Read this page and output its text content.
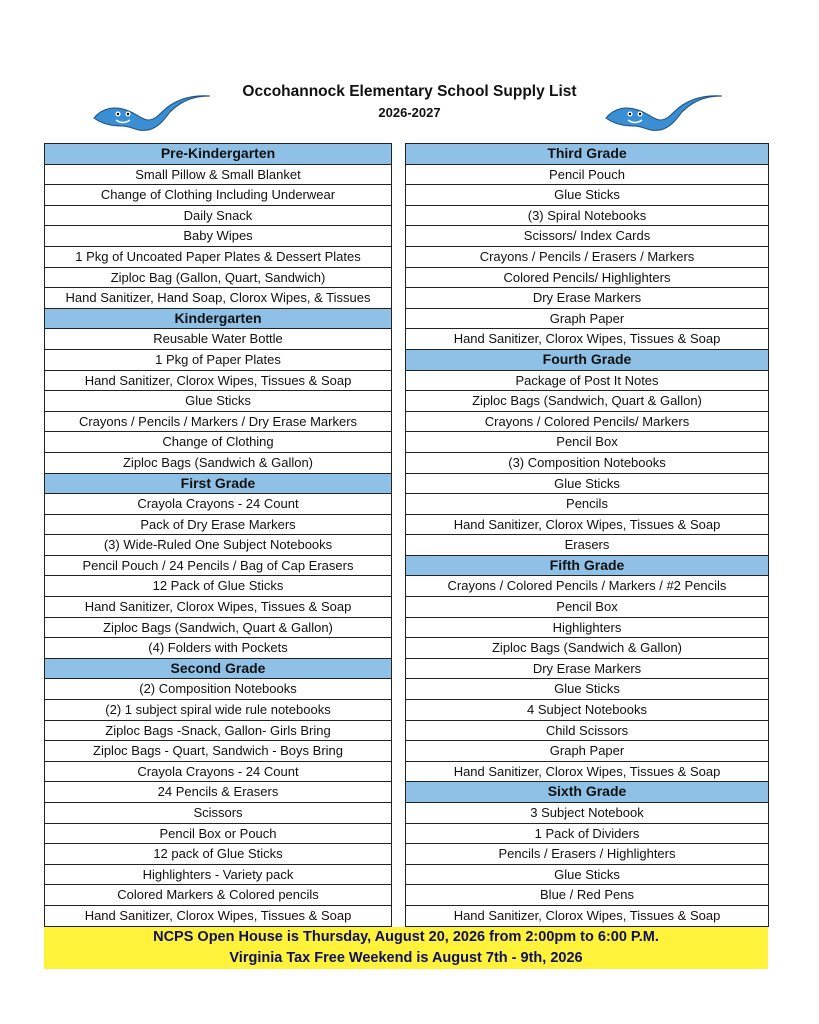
Occohannock Elementary School Supply List
2026-2027
Pre-Kindergarten
Small Pillow & Small Blanket
Change of Clothing Including Underwear
Daily Snack
Baby Wipes
1 Pkg of Uncoated Paper Plates & Dessert Plates
Ziploc Bag (Gallon, Quart, Sandwich)
Hand Sanitizer, Hand Soap, Clorox Wipes, & Tissues
Kindergarten
Reusable Water Bottle
1 Pkg of Paper Plates
Hand Sanitizer, Clorox Wipes, Tissues & Soap
Glue Sticks
Crayons / Pencils / Markers / Dry Erase Markers
Change of Clothing
Ziploc Bags (Sandwich & Gallon)
First Grade
Crayola Crayons - 24 Count
Pack of Dry Erase Markers
(3) Wide-Ruled One Subject Notebooks
Pencil Pouch / 24 Pencils / Bag of Cap Erasers
12 Pack of Glue Sticks
Hand Sanitizer, Clorox Wipes, Tissues & Soap
Ziploc Bags (Sandwich, Quart & Gallon)
(4) Folders with Pockets
Second Grade
(2) Composition Notebooks
(2) 1 subject spiral wide rule notebooks
Ziploc Bags -Snack, Gallon- Girls Bring
Ziploc Bags - Quart, Sandwich - Boys Bring
Crayola Crayons - 24 Count
24 Pencils & Erasers
Scissors
Pencil Box or Pouch
12 pack of Glue Sticks
Highlighters - Variety pack
Colored Markers & Colored pencils
Hand Sanitizer, Clorox Wipes, Tissues & Soap
Third Grade
Pencil Pouch
Glue Sticks
(3) Spiral Notebooks
Scissors/ Index Cards
Crayons / Pencils / Erasers / Markers
Colored Pencils/ Highlighters
Dry Erase Markers
Graph Paper
Hand Sanitizer, Clorox Wipes, Tissues & Soap
Fourth Grade
Package of Post It Notes
Ziploc Bags (Sandwich, Quart & Gallon)
Crayons / Colored Pencils/ Markers
Pencil Box
(3) Composition Notebooks
Glue Sticks
Pencils
Hand Sanitizer, Clorox Wipes, Tissues & Soap
Erasers
Fifth Grade
Crayons / Colored Pencils / Markers / #2 Pencils
Pencil Box
Highlighters
Ziploc Bags (Sandwich & Gallon)
Dry Erase Markers
Glue Sticks
4 Subject Notebooks
Child Scissors
Graph Paper
Hand Sanitizer, Clorox Wipes, Tissues & Soap
Sixth Grade
3 Subject Notebook
1 Pack of Dividers
Pencils / Erasers / Highlighters
Glue Sticks
Blue / Red Pens
Hand Sanitizer, Clorox Wipes, Tissues & Soap
NCPS Open House is Thursday, August 20, 2026 from 2:00pm to 6:00 P.M.
Virginia Tax Free Weekend is August 7th - 9th, 2026
